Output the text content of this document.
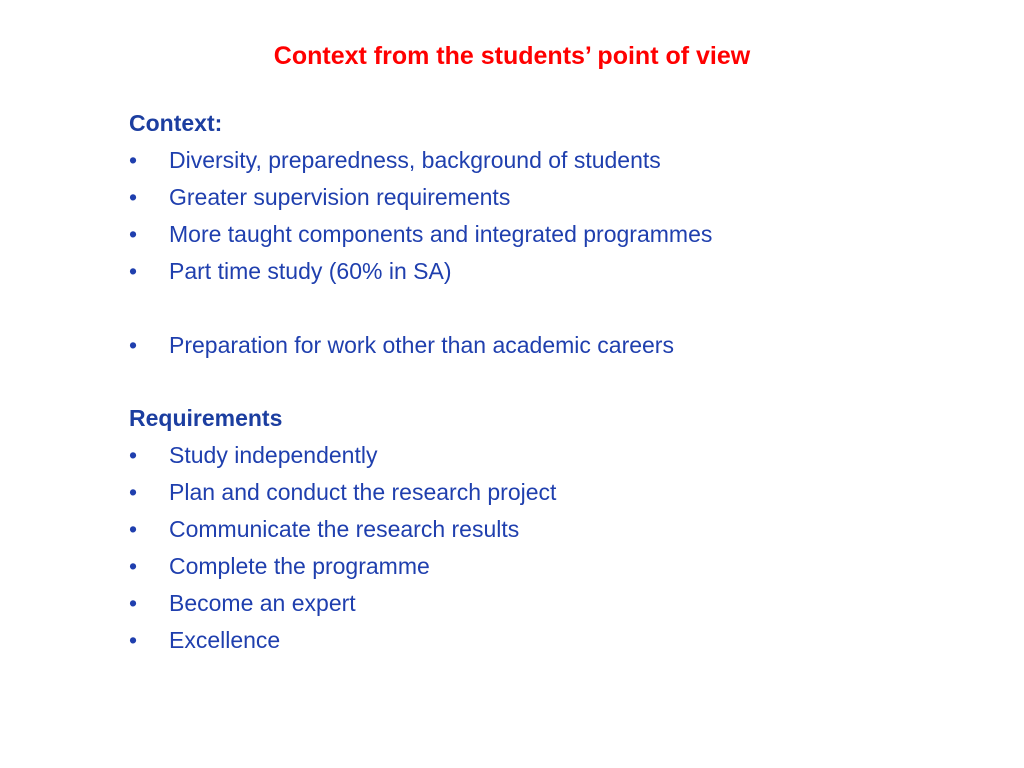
Context from the students’ point of view
Context:
•	Diversity, preparedness, background of students
•	Greater supervision requirements
•	More taught components and integrated programmes
•	Part time study (60% in SA)
•	Preparation for work other than academic careers
Requirements
•	Study independently
•	Plan and conduct the research project
•	Communicate the research results
•	Complete the programme
•	Become an expert
•	Excellence
